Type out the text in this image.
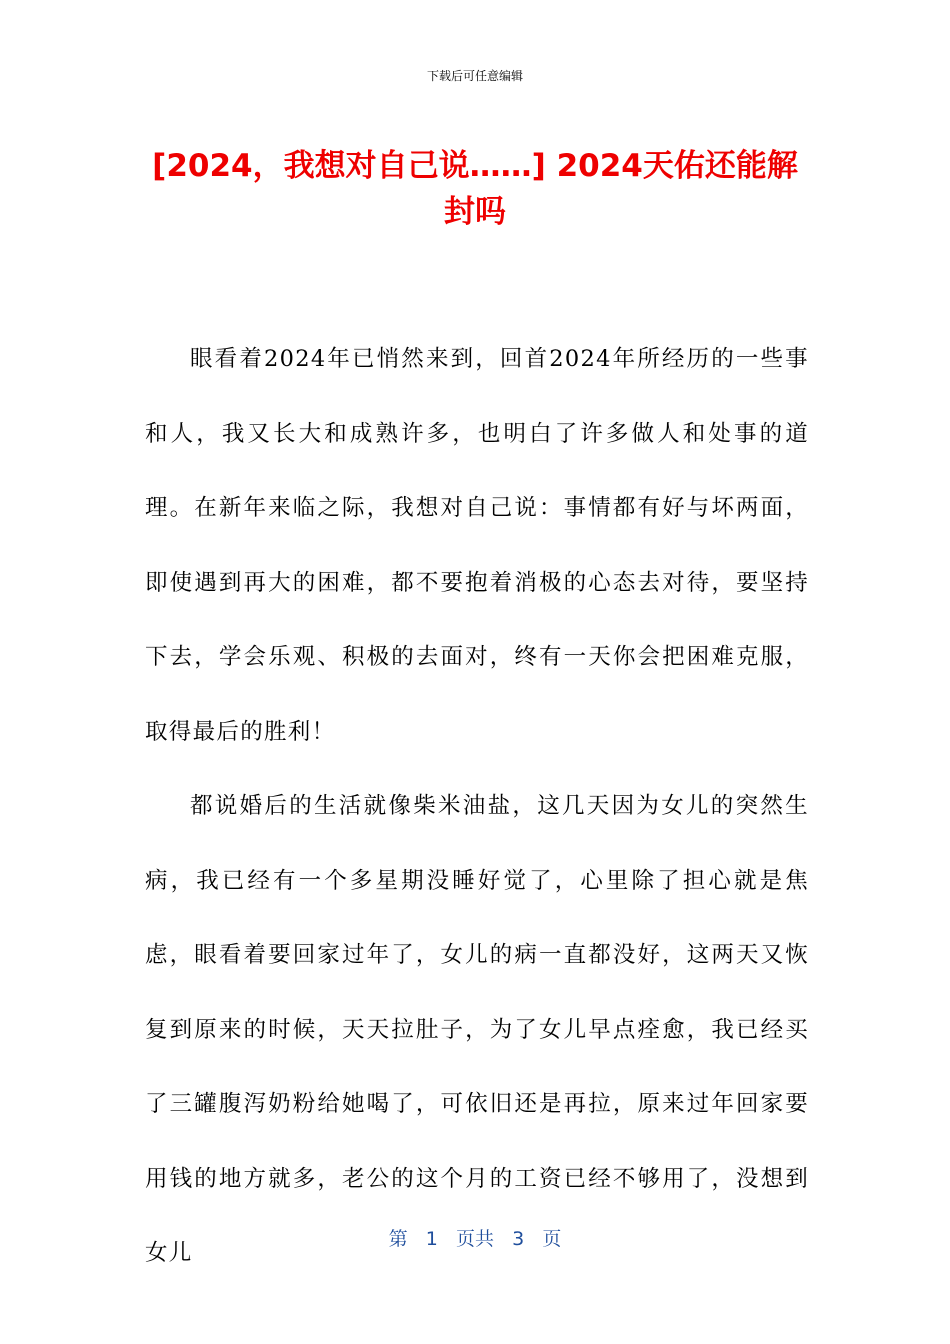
下载后可任意编辑
[2024，我想对自己说……] 2024天佑还能解封吗

眼看着2024年已悄然来到，回首2024年所经历的一些事和人，我又长大和成熟许多，也明白了许多做人和处事的道理。在新年来临之际，我想对自己说：事情都有好与坏两面，即使遇到再大的困难，都不要抱着消极的心态去对待，要坚持下去，学会乐观、积极的去面对，终有一天你会把困难克服，取得最后的胜利！

都说婚后的生活就像柴米油盐，这几天因为女儿的突然生病，我已经有一个多星期没睡好觉了，心里除了担心就是焦虑，眼看着要回家过年了，女儿的病一直都没好，这两天又恢复到原来的时候，天天拉肚子，为了女儿早点痊愈，我已经买了三罐腹泻奶粉给她喝了，可依旧还是再拉，原来过年回家要用钱的地方就多，老公的这个月的工资已经不够用了，没想到女儿

第 1 页共 3 页
